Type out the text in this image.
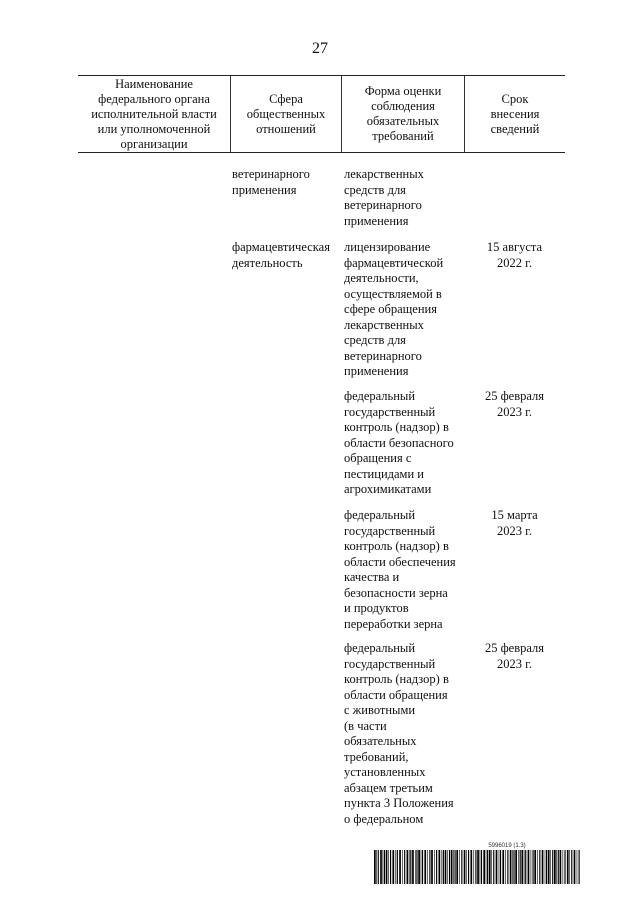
27
Наименование
федерального органа
исполнительной власти
или уполномоченной
организации
Сфера
общественных
отношений
Форма оценки
соблюдения
обязательных
требований
Срок
внесения
сведений
ветеринарного
применения
лекарственных
средств для
ветеринарного
применения
фармацевтическая
деятельность
лицензирование
фармацевтической
деятельности,
осуществляемой в
сфере обращения
лекарственных
средств для
ветеринарного
применения
15 августа
2022 г.
федеральный
государственный
контроль (надзор) в
области безопасного
обращения с
пестицидами и
агрохимикатами
25 февраля
2023 г.
федеральный
государственный
контроль (надзор) в
области обеспечения
качества и
безопасности зерна
и продуктов
переработки зерна
15 марта
2023 г.
федеральный
государственный
контроль (надзор) в
области обращения
с животными
(в части
обязательных
требований,
установленных
абзацем третьим
пункта 3 Положения
о федеральном
25 февраля
2023 г.
5996019 (1.3)
